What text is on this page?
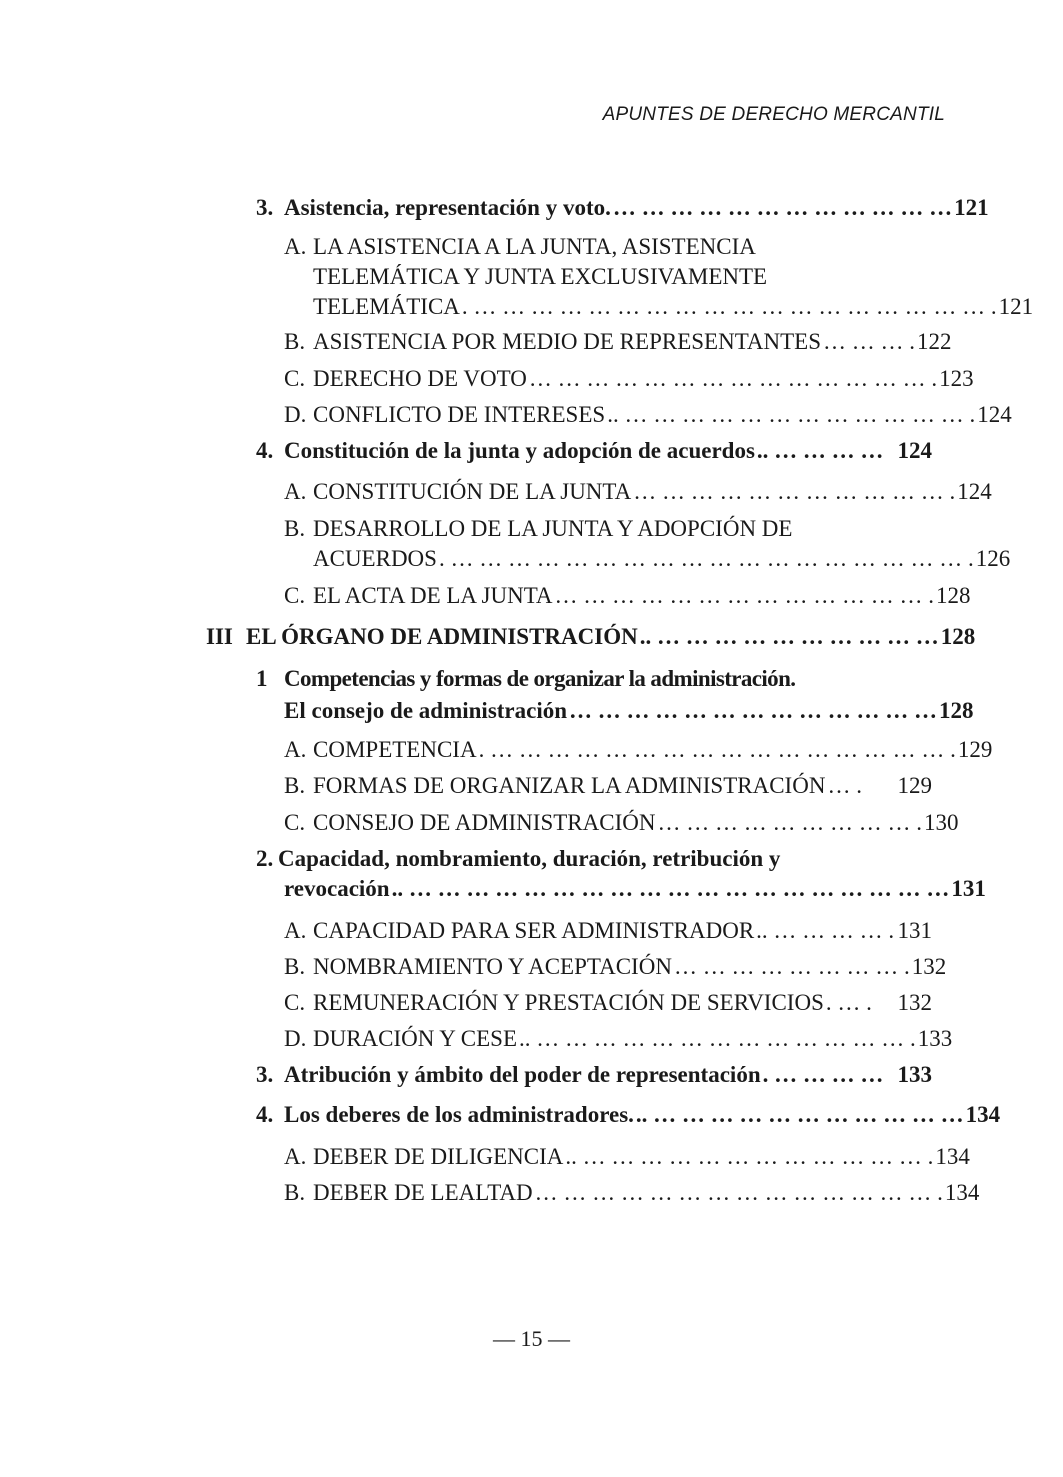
APUNTES DE DERECHO MERCANTIL
3. Asistencia, representación y voto. … … … … … … … … … … … … 121
A. LA ASISTENCIA A LA JUNTA, ASISTENCIA
TELEMÁTICA Y JUNTA EXCLUSIVAMENTE
TELEMÁTICA . … … … … … … … … … … … … … … … … … … . 121
B. ASISTENCIA POR MEDIO DE REPRESENTANTES … … … . 122
C. DERECHO DE VOTO … … … … … … … … … … … … … … . 123
D. CONFLICTO DE INTERESES .. … … … … … … … … … … … … . 124
4. Constitución de la junta y adopción de acuerdos .. … … … … 124
A. CONSTITUCIÓN DE LA JUNTA … … … … … … … … … … … . 124
B. DESARROLLO DE LA JUNTA Y ADOPCIÓN DE
ACUERDOS . … … … … … … … … … … … … … … … … … … . 126
C. EL ACTA DE LA JUNTA … … … … … … … … … … … … … . 128
III EL ÓRGANO DE ADMINISTRACIÓN .. … … … … … … … … … … 128
1 Competencias y formas de organizar la administración.
El consejo de administración … … … … … … … … … … … … … 128
A. COMPETENCIA . … … … … … … … … … … … … … … … … . 129
B. FORMAS DE ORGANIZAR LA ADMINISTRACIÓN … .	129
C. CONSEJO DE ADMINISTRACIÓN … … … … … … … … … . 130
2. Capacidad, nombramiento, duración, retribución y
revocación .. … … … … … … … … … … … … … … … … … … … 131
A. CAPACIDAD PARA SER ADMINISTRADOR .. … … … … . 131
B. NOMBRAMIENTO Y ACEPTACIÓN … … … … … … … … . 132
C. REMUNERACIÓN Y PRESTACIÓN DE SERVICIOS . … .	132
D. DURACIÓN Y CESE .. … … … … … … … … … … … … … . 133
3. Atribución y ámbito del poder de representación . … … … … 133
4. Los deberes de los administradores. .. … … … … … … … … … … … 134
A. DEBER DE DILIGENCIA .. … … … … … … … … … … … … . 134
B. DEBER DE LEALTAD … … … … … … … … … … … … … … . 134
— 15 —
